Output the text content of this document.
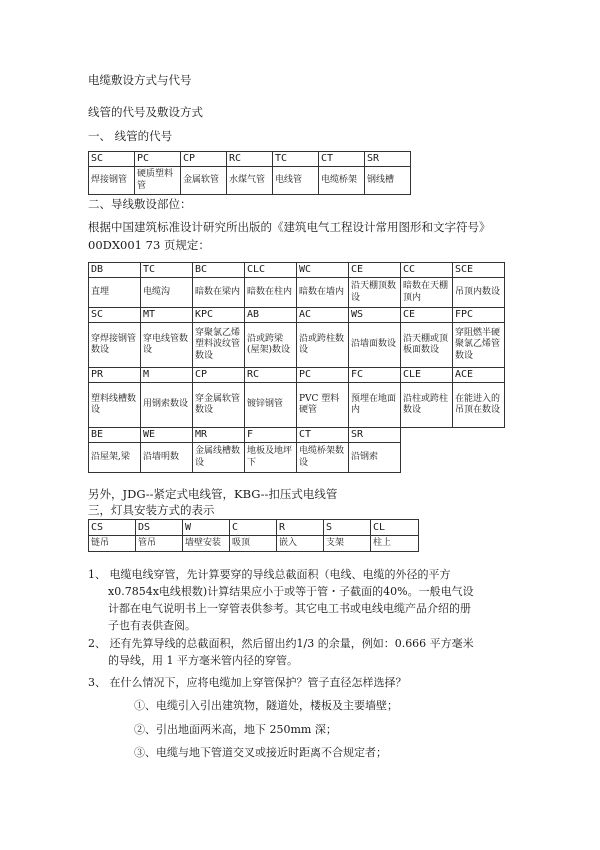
电缆敷设方式与代号
线管的代号及敷设方式
一、 线管的代号
SC	PC	CP	RC	TC	CT	SR
焊接钢管	硬质塑料管	金属软管	水煤气管	电线管	电缆桥架	钢线槽
二、导线敷设部位：
根据中国建筑标准设计研究所出版的《建筑电气工程设计常用图形和文字符号》
00DX001 73 页规定：
DB	TC	BC	CLC	WC	CE	CC	SCE
直埋	电缆沟	暗数在梁内	暗数在柱内	暗数在墙内	沿天棚顶数设	暗数在天棚顶内	吊顶内数设
SC	MT	KPC	AB	AC	WS	CE	FPC
穿焊接钢管数设	穿电线管数设	穿聚氯乙烯塑料波纹管数设	沿或跨梁(屋架)数设	沿或跨柱数设	沿墙面数设	沿天棚或顶板面数设	穿阻燃半硬聚氯乙烯管数设
PR	M	CP	RC	PC	FC	CLE	ACE
塑料线槽数设	用钢索数设	穿金属软管数设	镀锌钢管	PVC 塑料硬管	预埋在地面内	沿柱或跨柱数设	在能进入的吊顶在数设
BE	WE	MR	F	CT	SR		
沿屋架,梁	沿墙明数	金属线槽数设	地板及地坪下	电缆桥架数设	沿钢索		
另外，JDG--紧定式电线管，KBG--扣压式电线管
三，灯具安装方式的表示
CS	DS	W	C	R	S	CL
链吊	管吊	墙壁安装	吸顶	嵌入	支架	柱上
1、 电缆电线穿管，先计算要穿的导线总截面积（电线、电缆的外径的平方
x0.7854x电线根数)计算结果应小于或等于管・子截面的40%。一般电气设
计都在电气说明书上一穿管表供参考。其它电工书或电线电缆产品介绍的册
子也有表供查阅。
2、 还有先算导线的总截面积，然后留出约1/3 的余量，例如：0.666 平方毫米
的导线，用 1 平方毫米管内径的穿管。
3、 在什么情况下，应将电缆加上穿管保护？管子直径怎样选择？
①、电缆引入引出建筑物，隧道处，楼板及主要墙壁；
②、引出地面两米高，地下 250mm 深；
③、电缆与地下管道交叉或接近时距离不合规定者；
